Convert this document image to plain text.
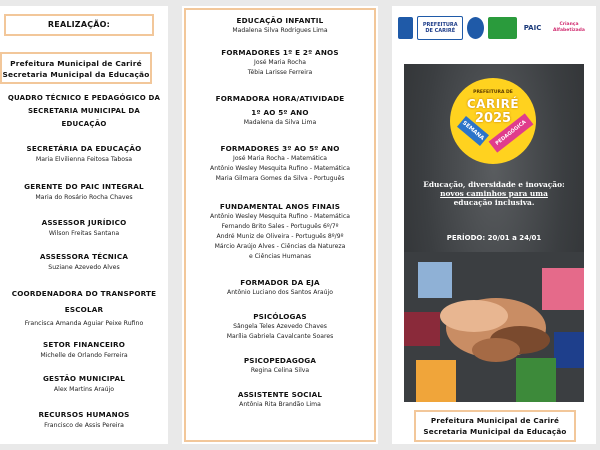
REALIZAÇÃO:
Prefeitura Municipal de Cariré
Secretaria Municipal da Educação
QUADRO TÉCNICO E PEDAGÓGICO DA
SECRETARIA MUNICIPAL DA
EDUCAÇÃO
SECRETÁRIA DA EDUCAÇÃO
Maria Elvilienna Feitosa Tabosa
GERENTE DO PAIC INTEGRAL
Maria do Rosário Rocha Chaves
ASSESSOR JURÍDICO
Wilson Freitas Santana
ASSESSORA TÉCNICA
Suziane Azevedo Alves
COORDENADORA DO TRANSPORTE
ESCOLAR
Francisca Amanda Aguiar Peixe Rufino
SETOR FINANCEIRO
Michelle de Orlando Ferreira
GESTÃO MUNICIPAL
Alex Martins Araújo
RECURSOS HUMANOS
Francisco de Assis Pereira
EDUCAÇÃO INFANTIL
Madalena Silva Rodrigues Lima
FORMADORES 1º E 2º ANOS
José Maria Rocha
Tébia Larisse Ferreira
FORMADORA HORA/ATIVIDADE
1º AO 5º ANO
Madalena da Silva Lima
FORMADORES 3º AO 5º ANO
José Maria Rocha - Matemática
Antônio Wesley Mesquita Rufino - Matemática
Maria Gilmara Gomes da Silva - Português
FUNDAMENTAL ANOS FINAIS
Antônio Wesley Mesquita Rufino - Matemática
Fernando Brito Sales - Português 6º/7º
André Muniz de Oliveira - Português 8º/9º
Márcio Araújo Alves - Ciências da Natureza
e Ciências Humanas
FORMADOR DA EJA
Antônio Luciano dos Santos Araújo
PSICÓLOGAS
Sângela Teles Azevedo Chaves
Marília Gabriela Cavalcante Soares
PSICOPEDAGOGA
Regina Celina Silva
ASSISTENTE SOCIAL
Antônia Rita Brandão Lima
PREFEITURA DE CARIRÉ	PAIC	Criança Alfabetizada
PREFEITURA DE
CARIRÉ
2025
SEMANA	PEDAGÓGICA
Educação, diversidade e inovação:
novos caminhos para uma
educação inclusiva.
PERÍODO: 20/01 a 24/01
Prefeitura Municipal de Cariré
Secretaria Municipal da Educação
